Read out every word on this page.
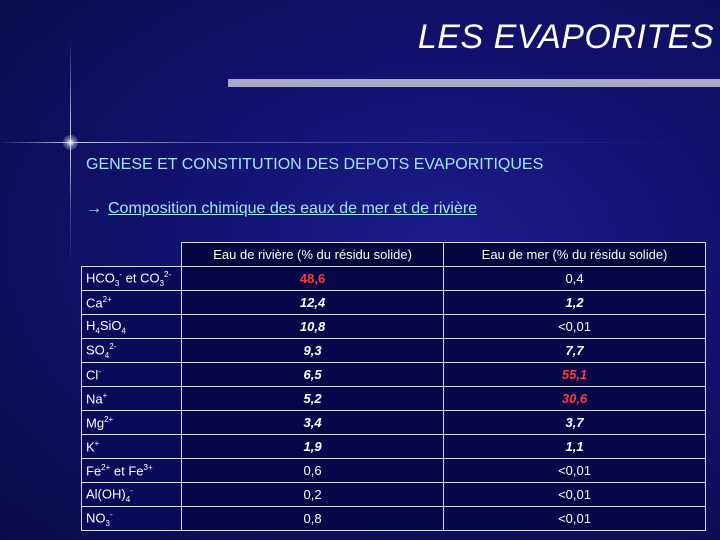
LES EVAPORITES
GENESE ET CONSTITUTION DES DEPOTS EVAPORITIQUES
→ Composition chimique des eaux de mer et de rivière
	Eau de rivière (% du résidu solide)	Eau de mer (% du résidu solide)
$HCO_3^-$ et $CO_3^{2-}$	48,6	0,4
$Ca^{2+}$	12,4	1,2
$H_4SiO_4$	10,8	<0,01
$SO_4^{2-}$	9,3	7,7
Cl-	6,5	55,1
Na+	5,2	30,6
$Mg^{2+}$	3,4	3,7
K+	1,9	1,1
$Fe^{2+}$ et $Fe^{3+}$	0,6	<0,01
$Al(OH)_4^-$	0,2	<0,01
$NO_3^-$	0,8	<0,01
